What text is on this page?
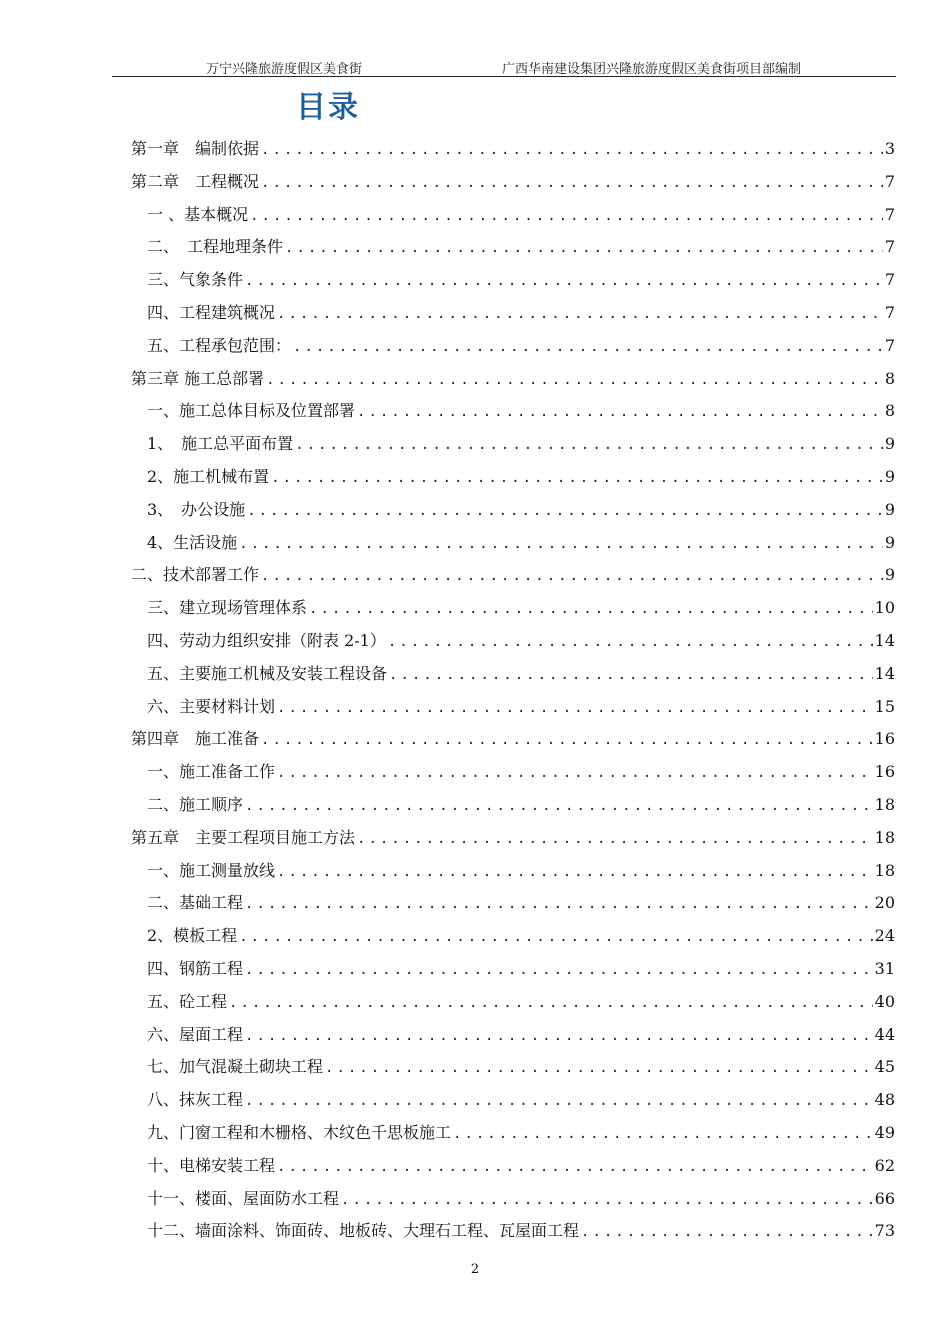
万宁兴隆旅游度假区美食街	广西华南建设集团兴隆旅游度假区美食街项目部编制
目录
第一章　编制依据 .....	3
第二章　工程概况 .....	7
一 、基本概况 .....	7
二、　工程地理条件 .....	7
三、气象条件 .....	7
四、工程建筑概况 .....	7
五、工程承包范围： .....	7
第三章 施工总部署 .....	8
一、施工总体目标及位置部署 .....	8
1、　施工总平面布置 .....	9
2、施工机械布置 .....	9
3、　办公设施 .....	9
4、生活设施 .....	9
二、技术部署工作 .....	9
三、建立现场管理体系 .....	10
四、劳动力组织安排（附表 2-1） .....	14
五、主要施工机械及安装工程设备 .....	14
六、主要材料计划 .....	15
第四章　施工准备 .....	16
一、施工准备工作 .....	16
二、施工顺序 .....	18
第五章　主要工程项目施工方法 .....	18
一、施工测量放线 .....	18
二、基础工程 .....	20
2、模板工程 .....	24
四、钢筋工程 .....	31
五、砼工程 .....	40
六、屋面工程 .....	44
七、加气混凝土砌块工程 .....	45
八、抹灰工程 .....	48
九、门窗工程和木栅格、木纹色千思板施工 .....	49
十、电梯安装工程 .....	62
十一、楼面、屋面防水工程 .....	66
十二、墙面涂料、饰面砖、地板砖、大理石工程、瓦屋面工程 .....	73
2
